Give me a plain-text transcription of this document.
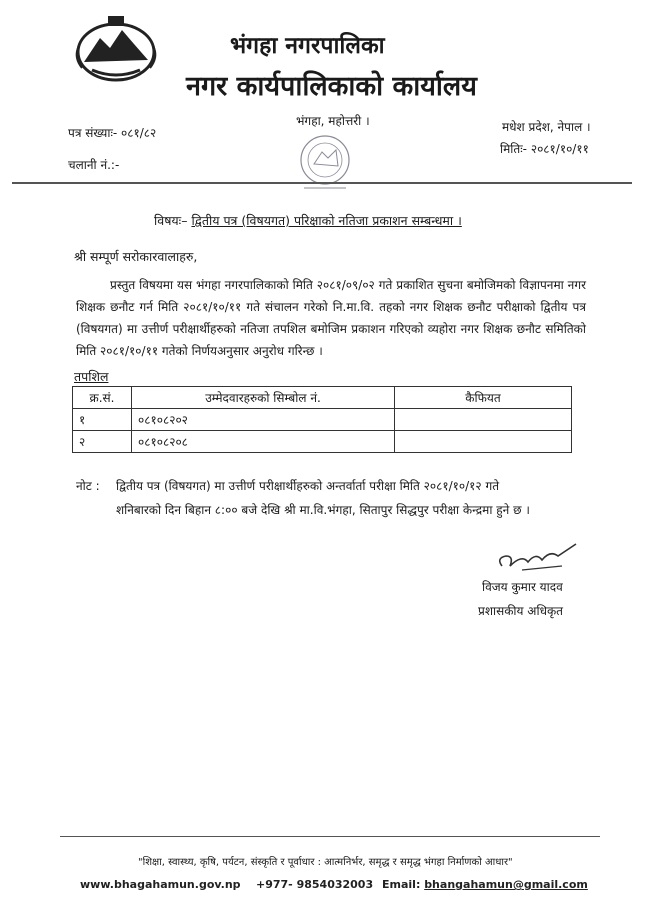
भंगहा नगरपालिका
नगर कार्यपालिकाको कार्यालय
पत्र संख्याः- ०८१/८२
भंगहा, महोत्तरी ।	मधेश प्रदेश, नेपाल ।
मितिः- २०८१/१०/११
चलानी नं.:-
विषयः– द्वितीय पत्र (विषयगत) परिक्षाको नतिजा प्रकाशन सम्बन्धमा ।
श्री सम्पूर्ण सरोकारवालाहरु,
प्रस्तुत विषयमा यस भंगहा नगरपालिकाको मिति २०८१/०९/०२ गते प्रकाशित सुचना बमोजिमको विज्ञापनमा नगर शिक्षक छनौट गर्न मिति २०८१/१०/११ गते संचालन गरेको नि.मा.वि. तहको नगर शिक्षक छनौट परीक्षाको द्वितीय पत्र (विषयगत) मा उत्तीर्ण परीक्षार्थीहरुको नतिजा तपशिल बमोजिम प्रकाशन गरिएको व्यहोरा नगर शिक्षक छनौट समितिको मिति २०८१/१०/११ गतेको निर्णयअनुसार अनुरोध गरिन्छ ।
तपशिल
क्र.सं.	उम्मेदवारहरुको सिम्बोल नं.	कैफियत
१	०८१०८२०२	
२	०८१०८२०८	
नोट : द्वितीय पत्र (विषयगत) मा उत्तीर्ण परीक्षार्थीहरुको अन्तर्वार्ता परीक्षा मिति २०८१/१०/१२ गते
शनिबारको दिन बिहान ८:०० बजे देखि श्री मा.वि.भंगहा, सितापुर सिद्धपुर परीक्षा केन्द्रमा हुने छ ।
विजय कुमार यादव
प्रशासकीय अधिकृत
"शिक्षा, स्वास्थ्य, कृषि, पर्यटन, संस्कृति र पूर्वाधार : आत्मनिर्भर, समृद्ध र समृद्ध भंगहा निर्माणको आधार"
www.bhagahamun.gov.np +977- 9854032003 Email: bhangahamun@gmail.com
